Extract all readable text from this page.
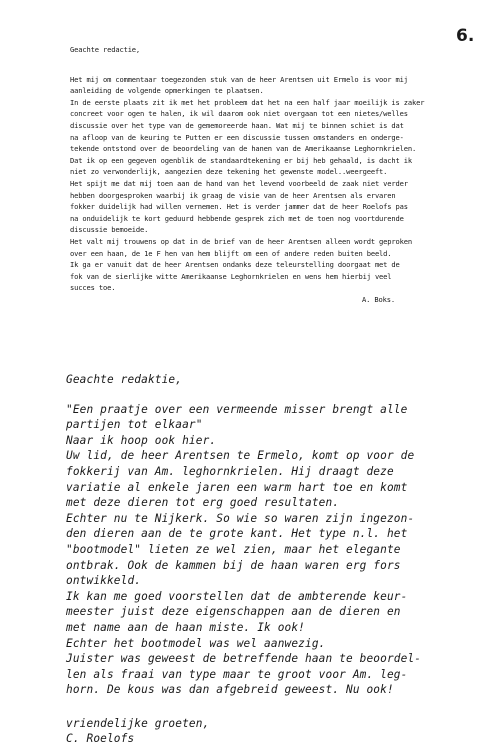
6.
Geachte redactie,
Het mij om commentaar toegezonden stuk van de heer Arentsen uit Ermelo is voor mij
aanleiding de volgende opmerkingen te plaatsen.
In de eerste plaats zit ik met het probleem dat het na een half jaar moeilijk is zaker
concreet voor ogen te halen, ik wil daarom ook niet overgaan tot een nietes/welles
discussie over het type van de gememoreerde haan. Wat mij te binnen schiet is dat
na afloop van de keuring te Putten er een discussie tussen omstanders en onderge-
tekende ontstond over de beoordeling van de hanen van de Amerikaanse Leghornkrielen.
Dat ik op een gegeven ogenblik de standaardtekening er bij heb gehaald, is dacht ik
niet zo verwonderlijk, aangezien deze tekening het gewenste model..weergeeft.
Het spijt me dat mij toen aan de hand van het levend voorbeeld de zaak niet verder
hebben doorgesproken waarbij ik graag de visie van de heer Arentsen als ervaren
fokker duidelijk had willen vernemen. Het is verder jammer dat de heer Roelofs pas
na onduidelijk te kort geduurd hebbende gesprek zich met de toen nog voortdurende
discussie bemoeide.
Het valt mij trouwens op dat in de brief van de heer Arentsen alleen wordt geproken
over een haan, de 1e F hen van hem blijft om een of andere reden buiten beeld.
Ik ga er vanuit dat de heer Arentsen ondanks deze teleurstelling doorgaat met de
fok van de sierlijke witte Amerikaanse Leghornkrielen en wens hem hierbij veel
succes toe.
A. Boks.
Geachte redaktie,
"Een praatje over een vermeende misser brengt alle
partijen tot elkaar"
Naar ik hoop ook hier.
Uw lid, de heer Arentsen te Ermelo, komt op voor de
fokkerij van Am. leghornkrielen. Hij draagt deze
variatie al enkele jaren een warm hart toe en komt
met deze dieren tot erg goed resultaten.
Echter nu te Nijkerk. So wie so waren zijn ingezon-
den dieren aan de te grote kant. Het type n.l. het
"bootmodel" lieten ze wel zien, maar het elegante
ontbrak. Ook de kammen bij de haan waren erg fors
ontwikkeld.
Ik kan me goed voorstellen dat de ambterende keur-
meester juist deze eigenschappen aan de dieren en
met name aan de haan miste. Ik ook!
Echter het bootmodel was wel aanwezig.
Juister was geweest de betreffende haan te beoordel-
len als fraai van type maar te groot voor Am. leg-
horn. De kous was dan afgebreid geweest. Nu ook!
vriendelijke groeten,
C. Roelofs
